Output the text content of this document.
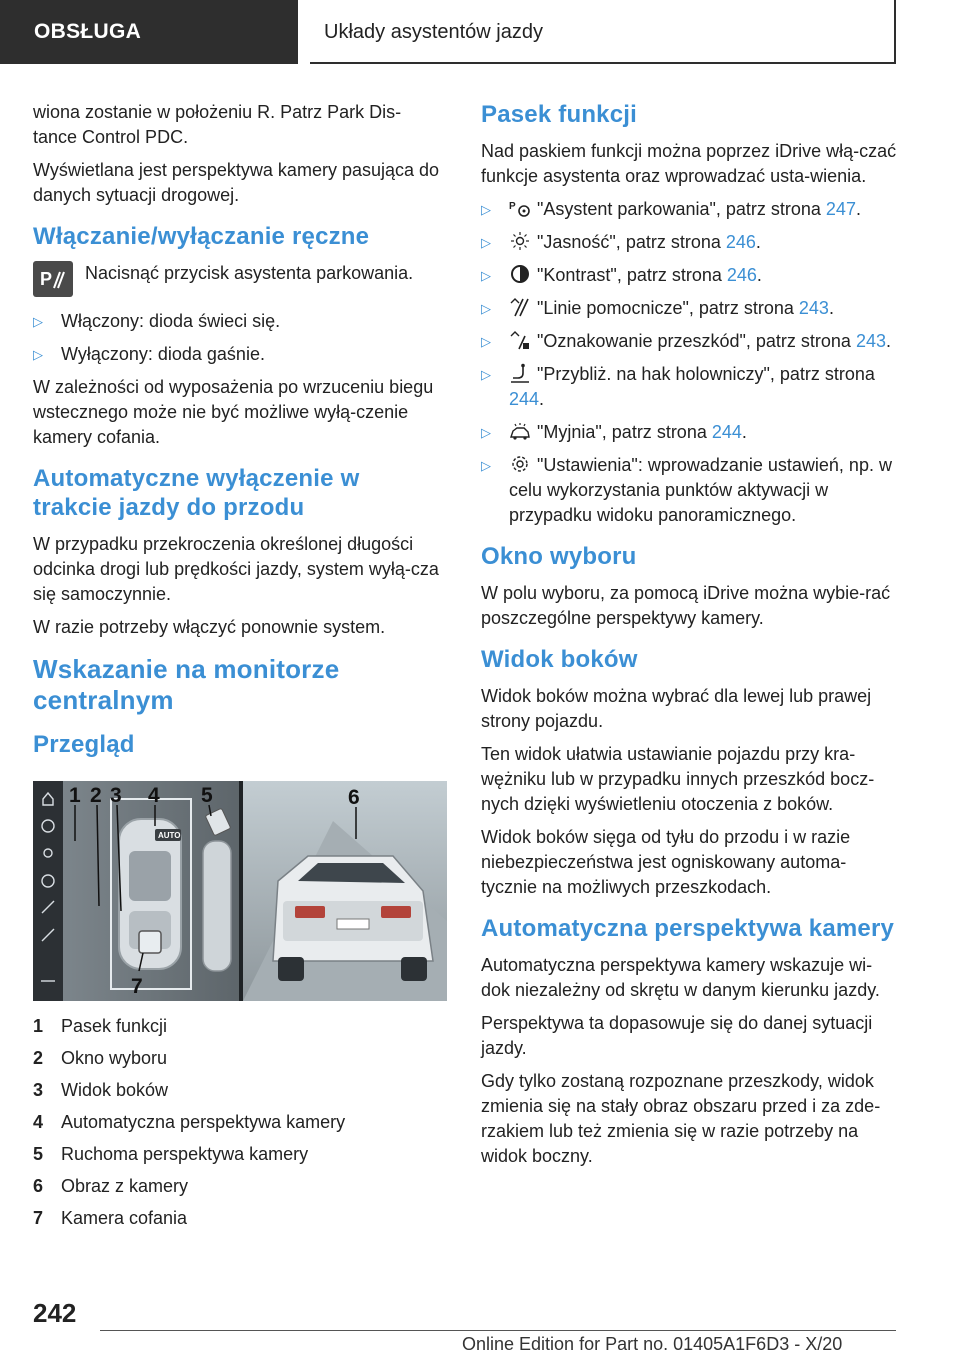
OBSŁUGA	Układy asystentów jazdy

wiona zostanie w położeniu R. Patrz Park Dis-tance Control PDC.

Wyświetlana jest perspektywa kamery pasująca do danych sytuacji drogowej.

Włączanie/wyłączanie ręczne
P Nacisnąć przycisk asystenta parkowania.
▷ Włączony: dioda świeci się.
▷ Wyłączony: dioda gaśnie.

W zależności od wyposażenia po wrzuceniu biegu wstecznego może nie być możliwe wyłą-czenie kamery cofania.

Automatyczne wyłączenie w trakcie jazdy do przodu

W przypadku przekroczenia określonej długości odcinka drogi lub prędkości jazdy, system wyłą-cza się samoczynnie.

W razie potrzeby włączyć ponownie system.

Wskazanie na monitorze centralnym
Przegląd
AUTO
1 2 3 4 5	6
7
1 Pasek funkcji
2 Okno wyboru
3 Widok boków
4 Automatyczna perspektywa kamery
5 Ruchoma perspektywa kamery
6 Obraz z kamery
7 Kamera cofania
Pasek funkcji

Nad paskiem funkcji można poprzez iDrive włą-czać funkcje asystenta oraz wprowadzać usta-wienia.

▷ P "Asystent parkowania", patrz strona 247.
▷	"Jasność", patrz strona 246.
▷	"Kontrast", patrz strona 246.
▷	"Linie pomocnicze", patrz strona 243.
▷	"Oznakowanie przeszkód", patrz strona 243.
▷	"Przybliż. na hak holowniczy", patrz strona 244.
▷	"Myjnia", patrz strona 244.
▷	"Ustawienia": wprowadzanie ustawień, np. w celu wykorzystania punktów aktywacji w przypadku widoku panoramicznego.
Okno wyboru

W polu wyboru, za pomocą iDrive można wybie-rać poszczególne perspektywy kamery.

Widok boków

Widok boków można wybrać dla lewej lub prawej strony pojazdu.

Ten widok ułatwia ustawianie pojazdu przy kra-wężniku lub w przypadku innych przeszkód bocz-nych dzięki wyświetleniu otoczenia z boków.

Widok boków sięga od tyłu do przodu i w razie niebezpieczeństwa jest ogniskowany automa-tycznie na możliwych przeszkodach.

Automatyczna perspektywa kamery

Automatyczna perspektywa kamery wskazuje wi-dok niezależny od skrętu w danym kierunku jazdy.

Perspektywa ta dopasowuje się do danej sytuacji jazdy.

Gdy tylko zostaną rozpoznane przeszkody, widok zmienia się na stały obraz obszaru przed i za zde-rzakiem lub też zmienia się w razie potrzeby na widok boczny.

242
Online Edition for Part no. 01405A1F6D3 - X/20
